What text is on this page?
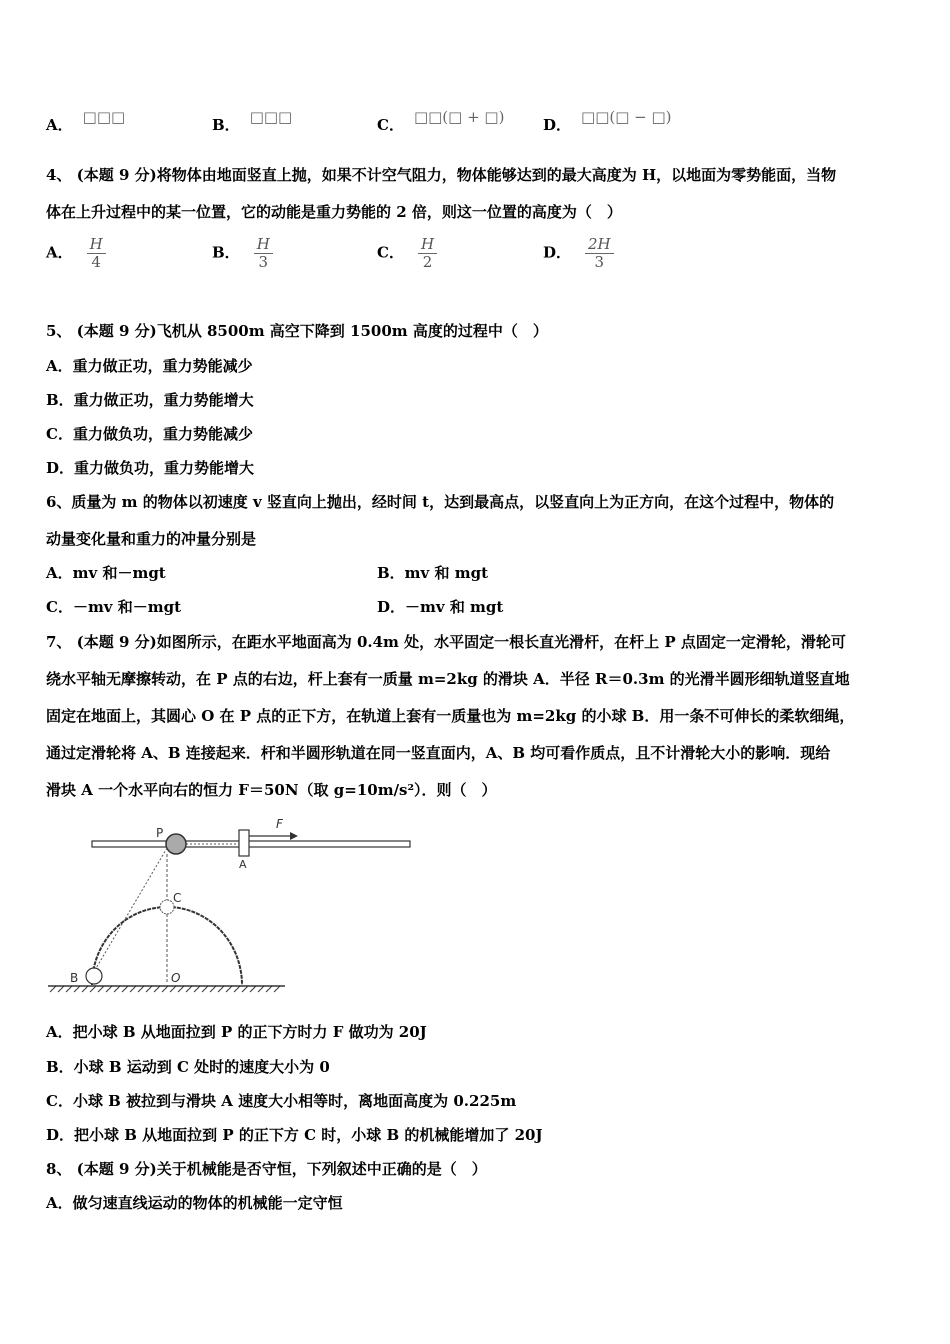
A． □□□	B． □□□	C． □□(□ + □)	D． □□(□ − □)
4、 (本题 9 分)将物体由地面竖直上抛，如果不计空气阻力，物体能够达到的最大高度为 H，以地面为零势能面，当物
体在上升过程中的某一位置，它的动能是重力势能的 2 倍，则这一位置的高度为（　）
A． $\frac{H}{4}$	B． $\frac{H}{3}$	C． $\frac{H}{2}$	D． $\frac{2H}{3}$
5、 (本题 9 分)飞机从 8500m 高空下降到 1500m 高度的过程中（　）
A．重力做正功，重力势能减少
B．重力做正功，重力势能增大
C．重力做负功，重力势能减少
D．重力做负功，重力势能增大
6、质量为 m 的物体以初速度 v 竖直向上抛出，经时间 t，达到最高点，以竖直向上为正方向，在这个过程中，物体的
动量变化量和重力的冲量分别是
A．mv 和－mgt	B．mv 和 mgt
C．－mv 和－mgt	D．－mv 和 mgt
7、 (本题 9 分)如图所示，在距水平地面高为 0.4m 处，水平固定一根长直光滑杆，在杆上 P 点固定一定滑轮，滑轮可
绕水平轴无摩擦转动，在 P 点的右边，杆上套有一质量 m=2kg 的滑块 A．半径 R＝0.3m 的光滑半圆形细轨道竖直地
固定在地面上，其圆心 O 在 P 点的正下方，在轨道上套有一质量也为 m=2kg 的小球 B．用一条不可伸长的柔软细绳，
通过定滑轮将 A、B 连接起来．杆和半圆形轨道在同一竖直面内，A、B 均可看作质点，且不计滑轮大小的影响．现给
滑块 A 一个水平向右的恒力 F＝50N（取 g=10m/s²）．则（　）
F
A
P
C
B	O
A．把小球 B 从地面拉到 P 的正下方时力 F 做功为 20J
B．小球 B 运动到 C 处时的速度大小为 0
C．小球 B 被拉到与滑块 A 速度大小相等时，离地面高度为 0.225m
D．把小球 B 从地面拉到 P 的正下方 C 时，小球 B 的机械能增加了 20J
8、 (本题 9 分)关于机械能是否守恒，下列叙述中正确的是（　）
A．做匀速直线运动的物体的机械能一定守恒
